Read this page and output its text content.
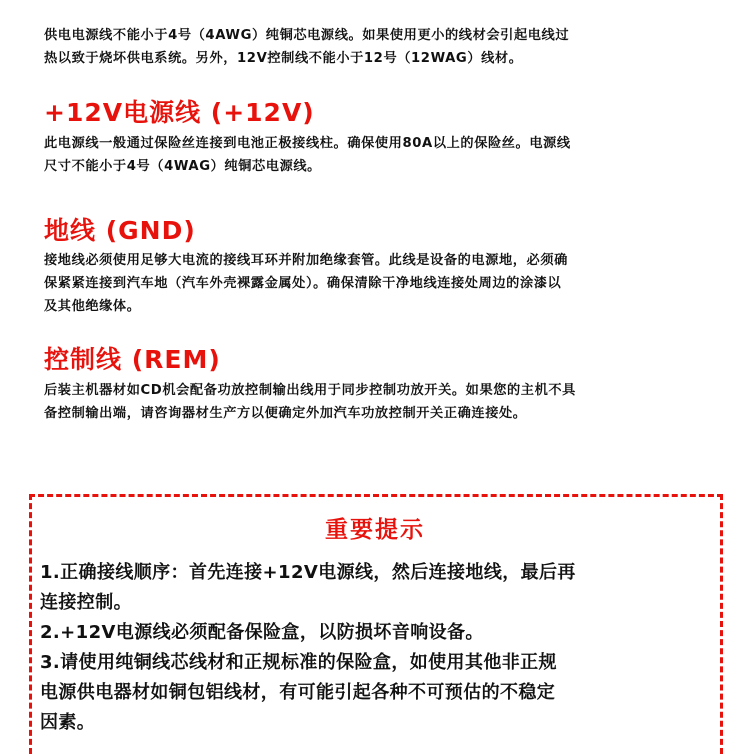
供电电源线不能小于4号（4AWG）纯铜芯电源线。如果使用更小的线材会引起电线过
热以致于烧坏供电系统。另外，12V控制线不能小于12号（12WAG）线材。
+12V电源线 (+12V)
此电源线一般通过保险丝连接到电池正极接线柱。确保使用80A以上的保险丝。电源线
尺寸不能小于4号（4WAG）纯铜芯电源线。
地线 (GND)
接地线必须使用足够大电流的接线耳环并附加绝缘套管。此线是设备的电源地，必须确
保紧紧连接到汽车地（汽车外壳裸露金属处）。确保清除干净地线连接处周边的涂漆以
及其他绝缘体。
控制线 (REM)
后装主机器材如CD机会配备功放控制输出线用于同步控制功放开关。如果您的主机不具
备控制输出端，请咨询器材生产方以便确定外加汽车功放控制开关正确连接处。
重要提示
1.正确接线顺序：首先连接+12V电源线，然后连接地线，最后再
连接控制。
2.+12V电源线必须配备保险盒，以防损坏音响设备。
3.请使用纯铜线芯线材和正规标准的保险盒，如使用其他非正规
电源供电器材如铜包铝线材，有可能引起各种不可预估的不稳定
因素。
